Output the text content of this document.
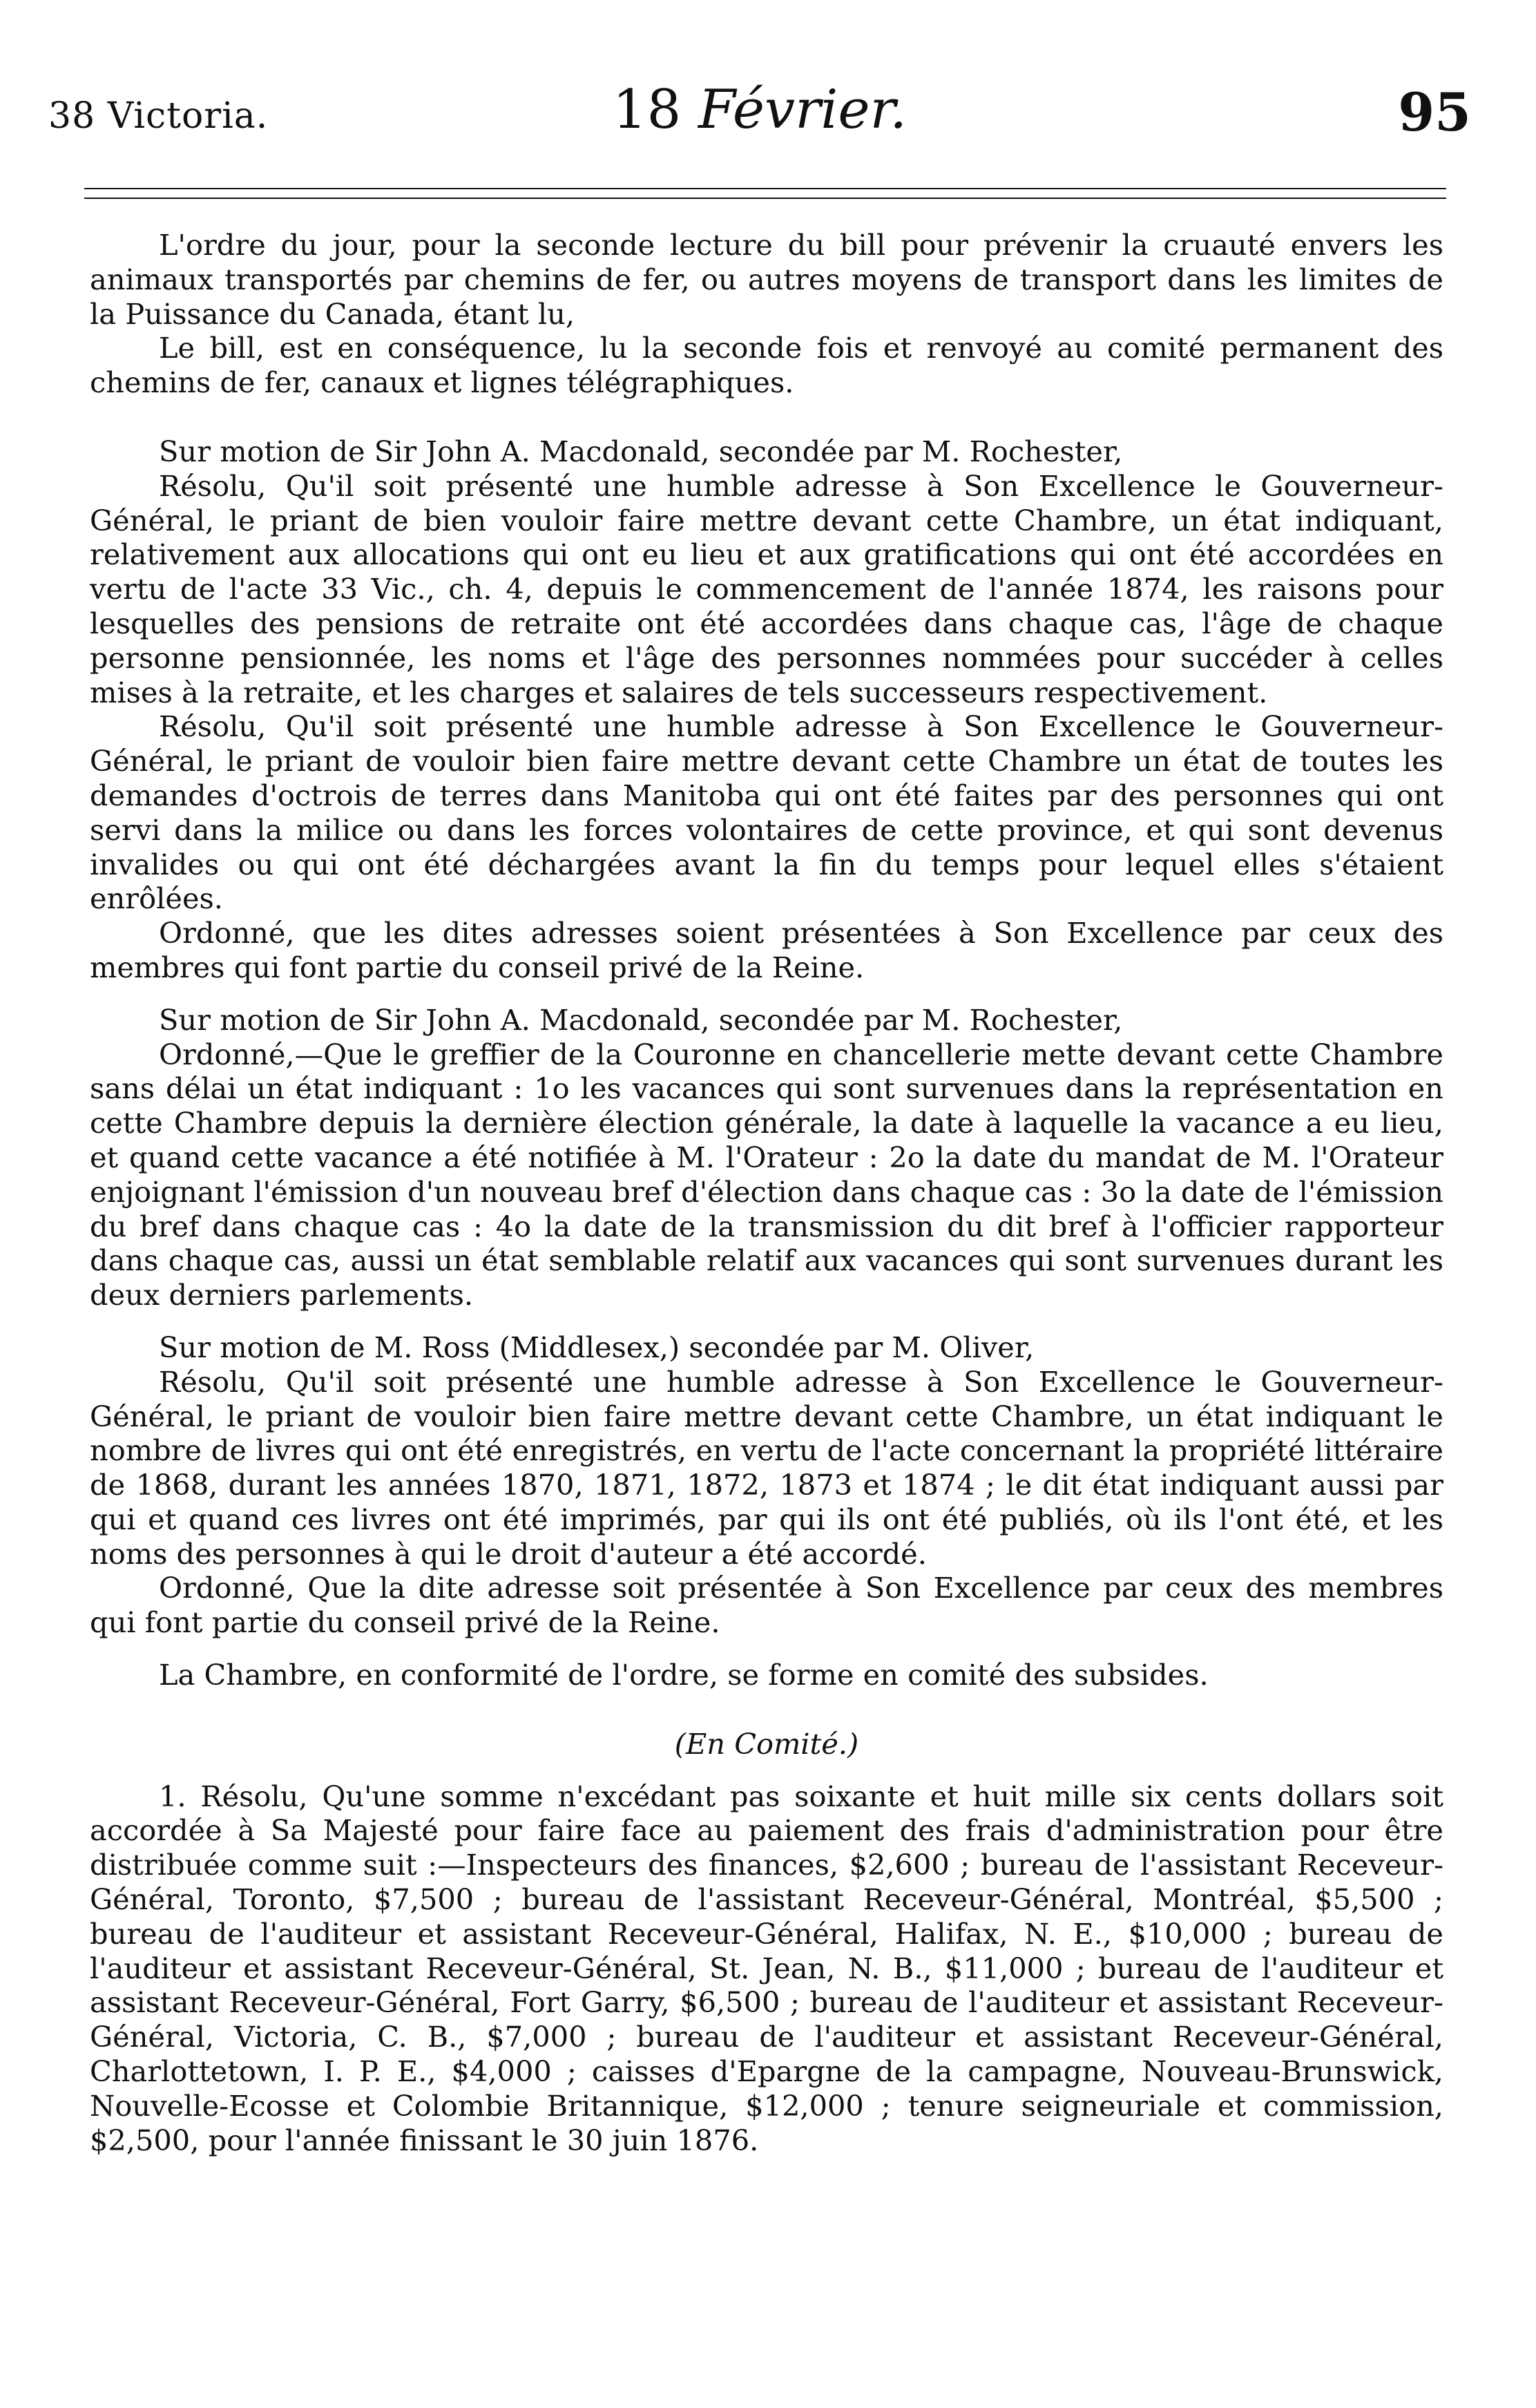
38 Victoria.	18 Février.	95

L'ordre du jour, pour la seconde lecture du bill pour prévenir la cruauté envers les animaux transportés par chemins de fer, ou autres moyens de transport dans les limites de la Puissance du Canada, étant lu,

Le bill, est en conséquence, lu la seconde fois et renvoyé au comité permanent des chemins de fer, canaux et lignes télégraphiques.

Sur motion de Sir John A. Macdonald, secondée par M. Rochester,

Résolu, Qu'il soit présenté une humble adresse à Son Excellence le Gouverneur-Général, le priant de bien vouloir faire mettre devant cette Chambre, un état indiquant, relativement aux allocations qui ont eu lieu et aux gratifications qui ont été accordées en vertu de l'acte 33 Vic., ch. 4, depuis le commencement de l'année 1874, les raisons pour lesquelles des pensions de retraite ont été accordées dans chaque cas, l'âge de chaque personne pensionnée, les noms et l'âge des personnes nommées pour succéder à celles mises à la retraite, et les charges et salaires de tels successeurs respectivement.

Résolu, Qu'il soit présenté une humble adresse à Son Excellence le Gouverneur-Général, le priant de vouloir bien faire mettre devant cette Chambre un état de toutes les demandes d'octrois de terres dans Manitoba qui ont été faites par des personnes qui ont servi dans la milice ou dans les forces volontaires de cette province, et qui sont devenus invalides ou qui ont été déchargées avant la fin du temps pour lequel elles s'étaient enrôlées.

Ordonné, que les dites adresses soient présentées à Son Excellence par ceux des membres qui font partie du conseil privé de la Reine.

Sur motion de Sir John A. Macdonald, secondée par M. Rochester,

Ordonné,—Que le greffier de la Couronne en chancellerie mette devant cette Chambre sans délai un état indiquant : 1o les vacances qui sont survenues dans la représentation en cette Chambre depuis la dernière élection générale, la date à laquelle la vacance a eu lieu, et quand cette vacance a été notifiée à M. l'Orateur : 2o la date du mandat de M. l'Orateur enjoignant l'émission d'un nouveau bref d'élection dans chaque cas : 3o la date de l'émission du bref dans chaque cas : 4o la date de la transmission du dit bref à l'officier rapporteur dans chaque cas, aussi un état semblable relatif aux vacances qui sont survenues durant les deux derniers parlements.

Sur motion de M. Ross (Middlesex,) secondée par M. Oliver,

Résolu, Qu'il soit présenté une humble adresse à Son Excellence le Gouverneur-Général, le priant de vouloir bien faire mettre devant cette Chambre, un état indiquant le nombre de livres qui ont été enregistrés, en vertu de l'acte concernant la propriété littéraire de 1868, durant les années 1870, 1871, 1872, 1873 et 1874 ; le dit état indiquant aussi par qui et quand ces livres ont été imprimés, par qui ils ont été publiés, où ils l'ont été, et les noms des personnes à qui le droit d'auteur a été accordé.

Ordonné, Que la dite adresse soit présentée à Son Excellence par ceux des membres qui font partie du conseil privé de la Reine.

La Chambre, en conformité de l'ordre, se forme en comité des subsides.

(En Comité.)

1. Résolu, Qu'une somme n'excédant pas soixante et huit mille six cents dollars soit accordée à Sa Majesté pour faire face au paiement des frais d'administration pour être distribuée comme suit :—Inspecteurs des finances, $2,600 ; bureau de l'assistant Receveur-Général, Toronto, $7,500 ; bureau de l'assistant Receveur-Général, Montréal, $5,500 ; bureau de l'auditeur et assistant Receveur-Général, Halifax, N. E., $10,000 ; bureau de l'auditeur et assistant Receveur-Général, St. Jean, N. B., $11,000 ; bureau de l'auditeur et assistant Receveur-Général, Fort Garry, $6,500 ; bureau de l'auditeur et assistant Receveur-Général, Victoria, C. B., $7,000 ; bureau de l'auditeur et assistant Receveur-Général, Charlottetown, I. P. E., $4,000 ; caisses d'Epargne de la campagne, Nouveau-Brunswick, Nouvelle-Ecosse et Colombie Britannique, $12,000 ; tenure seigneuriale et commission, $2,500, pour l'année finissant le 30 juin 1876.
